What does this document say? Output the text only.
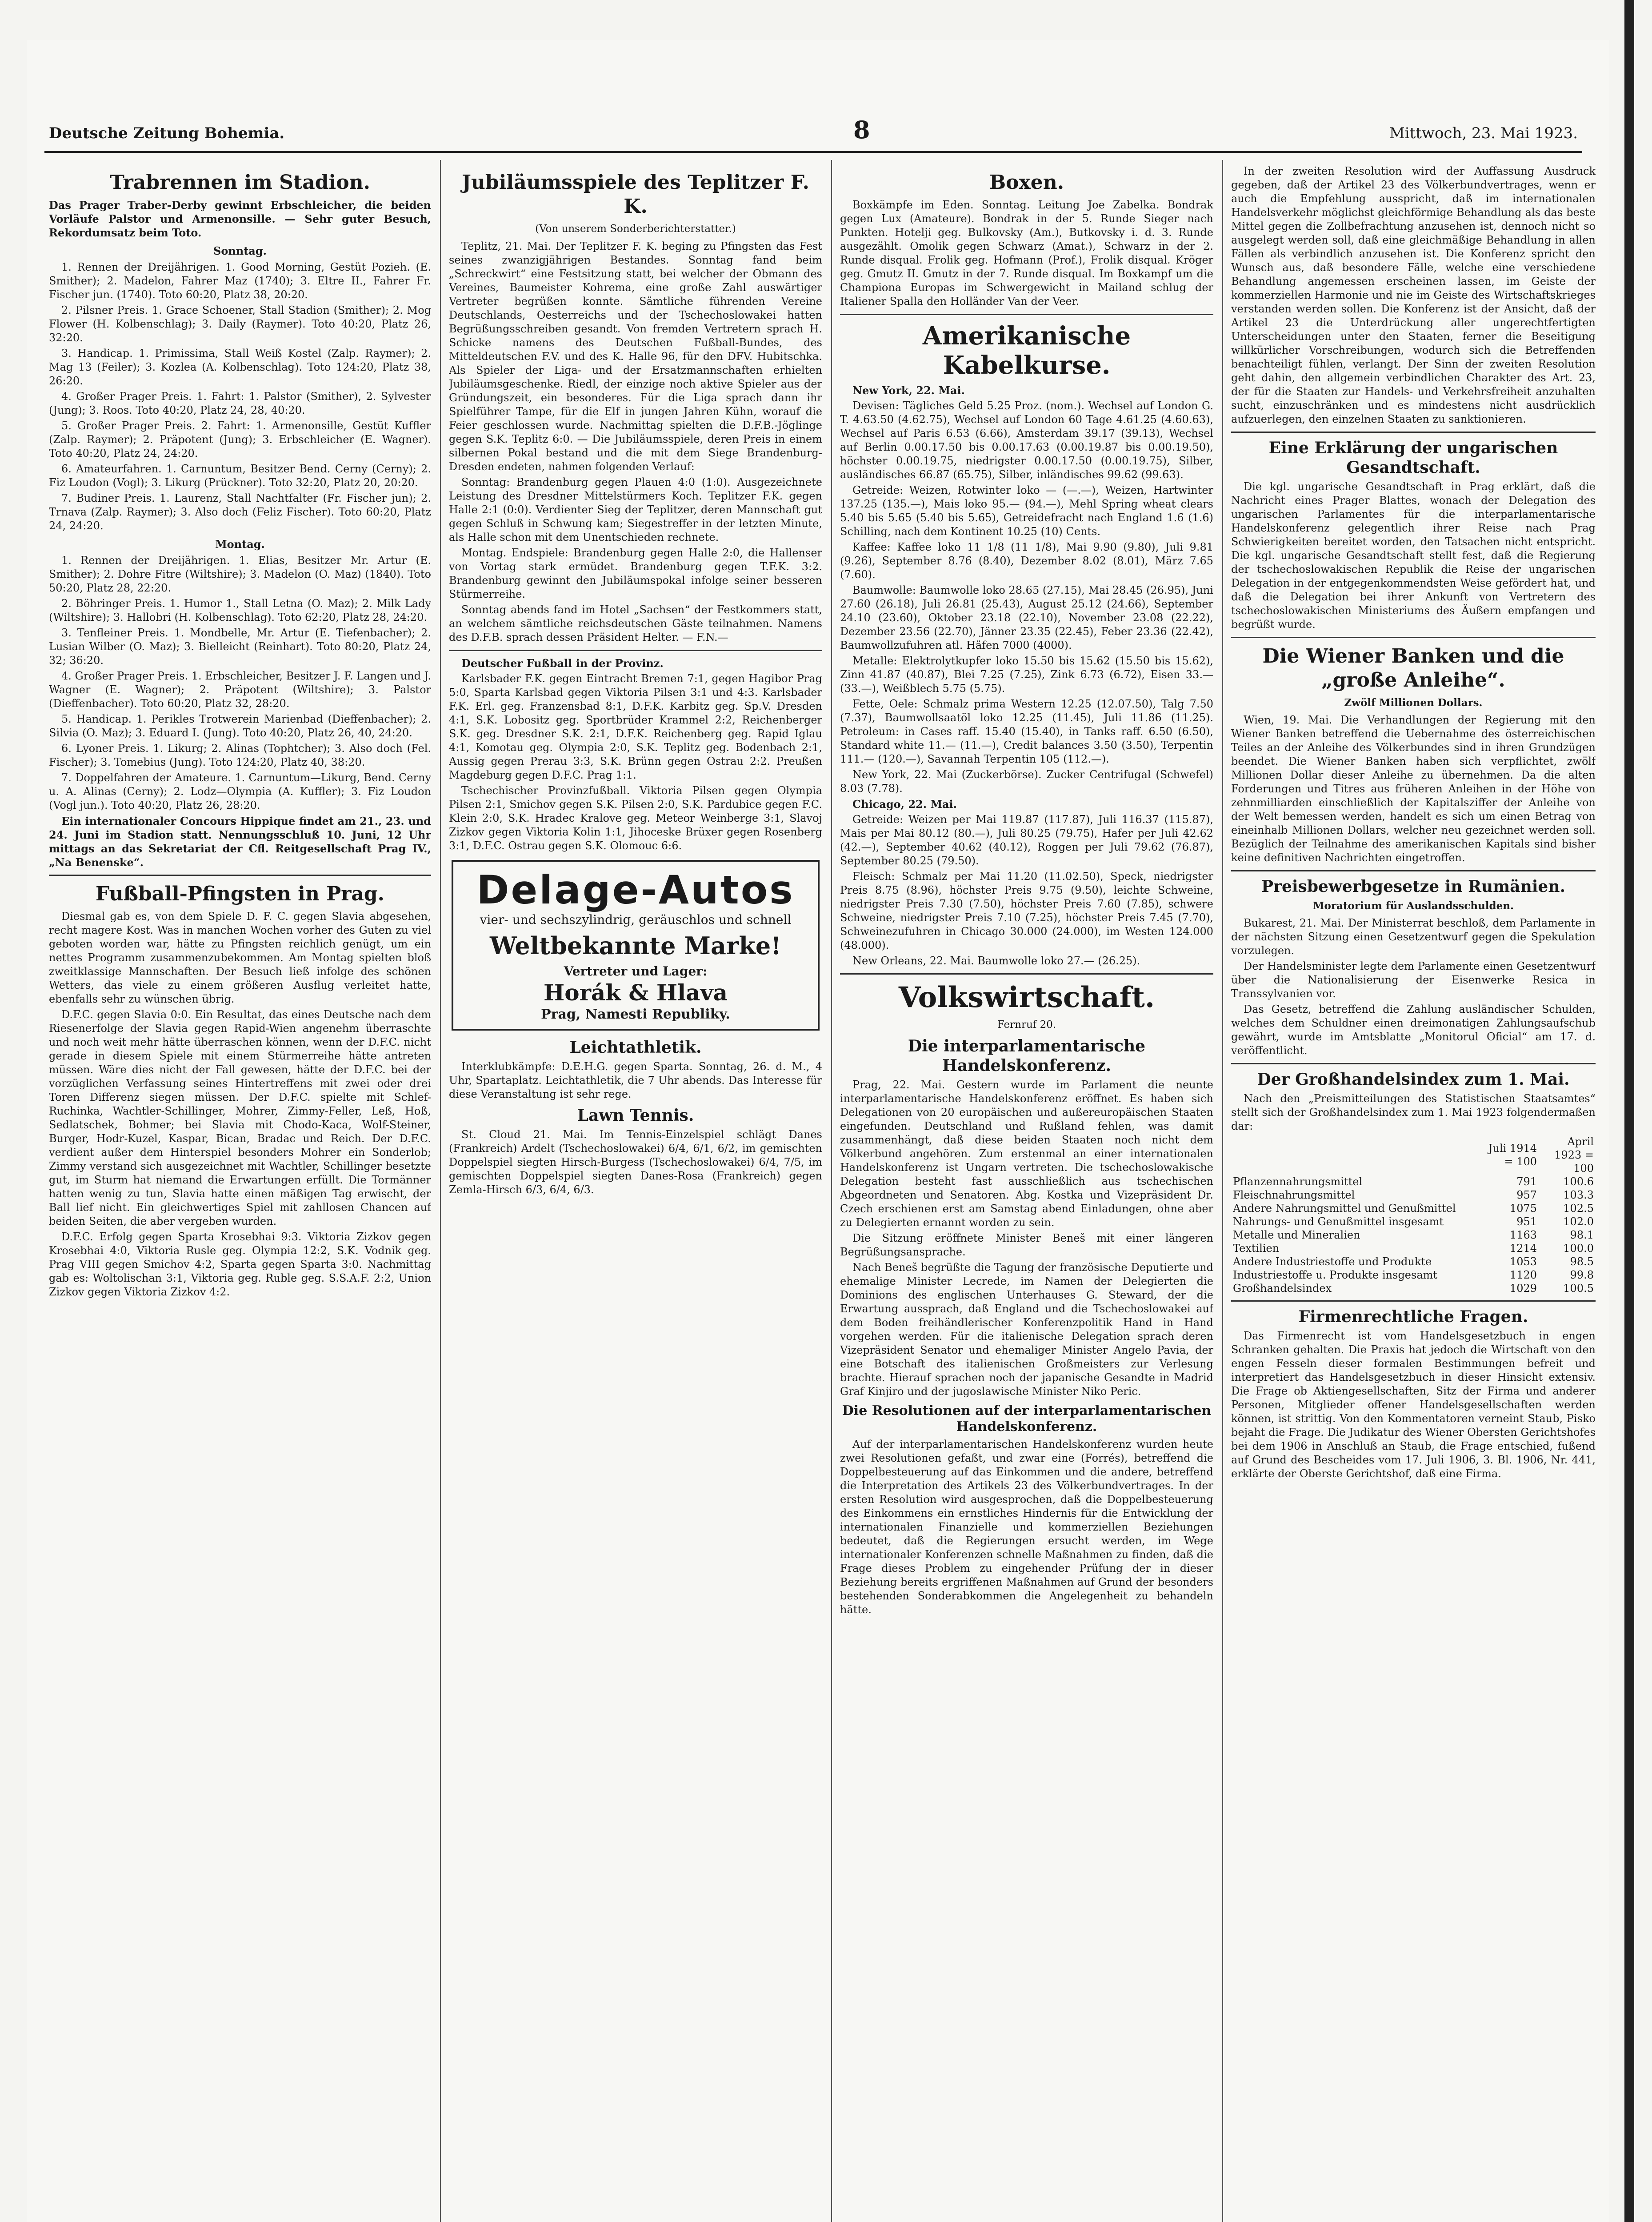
Deutsche Zeitung Bohemia.	8	Mittwoch, 23. Mai 1923.
Trabrennen im Stadion.
Das Prager Traber-Derby gewinnt Erbschleicher, die beiden Vorläufe Palstor und Armenonsille. — Sehr guter Besuch, Rekordumsatz beim Toto.
Sonntag.
1. Rennen der Dreijährigen. 1. Good Morning, Gestüt Pozieh. (E. Smither); 2. Madelon, Fahrer Maz (1740); 3. Eltre II., Fahrer Fr. Fischer jun. (1740). Toto 60:20, Platz 38, 20:20.
2. Pilsner Preis. 1. Grace Schoener, Stall Stadion (Smither); 2. Mog Flower (H. Kolbenschlag); 3. Daily (Raymer). Toto 40:20, Platz 26, 32:20.
3. Handicap. 1. Primissima, Stall Weiß Kostel (Zalp. Raymer); 2. Mag 13 (Feiler); 3. Kozlea (A. Kolbenschlag). Toto 124:20, Platz 38, 26:20.
4. Großer Prager Preis. 1. Fahrt: 1. Palstor (Smither), 2. Sylvester (Jung); 3. Roos. Toto 40:20, Platz 24, 28, 40:20.
5. Großer Prager Preis. 2. Fahrt: 1. Armenonsille, Gestüt Kuffler (Zalp. Raymer); 2. Präpotent (Jung); 3. Erbschleicher (E. Wagner). Toto 40:20, Platz 24, 24:20.
6. Amateurfahren. 1. Carnuntum, Besitzer Bend. Cerny (Cerny); 2. Fiz Loudon (Vogl); 3. Likurg (Prückner). Toto 32:20, Platz 20, 20:20.
7. Budiner Preis. 1. Laurenz, Stall Nachtfalter (Fr. Fischer jun); 2. Trnava (Zalp. Raymer); 3. Also doch (Feliz Fischer). Toto 60:20, Platz 24, 24:20.
Montag.
1. Rennen der Dreijährigen. 1. Elias, Besitzer Mr. Artur (E. Smither); 2. Dohre Fitre (Wiltshire); 3. Madelon (O. Maz) (1840). Toto 50:20, Platz 28, 22:20.
2. Böhringer Preis. 1. Humor 1., Stall Letna (O. Maz); 2. Milk Lady (Wiltshire); 3. Hallobri (H. Kolbenschlag). Toto 62:20, Platz 28, 24:20.
3. Tenfleiner Preis. 1. Mondbelle, Mr. Artur (E. Tiefenbacher); 2. Lusian Wilber (O. Maz); 3. Bielleicht (Reinhart). Toto 80:20, Platz 24, 32; 36:20.
4. Großer Prager Preis. 1. Erbschleicher, Besitzer J. F. Langen und J. Wagner (E. Wagner); 2. Präpotent (Wiltshire); 3. Palstor (Dieffenbacher). Toto 60:20, Platz 32, 28:20.
5. Handicap. 1. Perikles Trotwerein Marienbad (Dieffenbacher); 2. Silvia (O. Maz); 3. Eduard I. (Jung). Toto 40:20, Platz 26, 40, 24:20.
6. Lyoner Preis. 1. Likurg; 2. Alinas (Tophtcher); 3. Also doch (Fel. Fischer); 3. Tomebius (Jung). Toto 124:20, Platz 40, 38:20.
7. Doppelfahren der Amateure. 1. Carnuntum—Likurg, Bend. Cerny u. A. Alinas (Cerny); 2. Lodz—Olympia (A. Kuffler); 3. Fiz Loudon (Vogl jun.). Toto 40:20, Platz 26, 28:20.
Ein internationaler Concours Hippique findet am 21., 23. und 24. Juni im Stadion statt. Nennungsschluß 10. Juni, 12 Uhr mittags an das Sekretariat der Cfl. Reitgesellschaft Prag IV., „Na Benenske“.
Fußball-Pfingsten in Prag.
Diesmal gab es, von dem Spiele D. F. C. gegen Slavia abgesehen, recht magere Kost. Was in manchen Wochen vorher des Guten zu viel geboten worden war, hätte zu Pfingsten reichlich genügt, um ein nettes Programm zusammenzubekommen. Am Montag spielten bloß zweitklassige Mannschaften. Der Besuch ließ infolge des schönen Wetters, das viele zu einem größeren Ausflug verleitet hatte, ebenfalls sehr zu wünschen übrig.
D.F.C. gegen Slavia 0:0. Ein Resultat, das eines Deutsche nach dem Riesenerfolge der Slavia gegen Rapid-Wien angenehm überraschte und noch weit mehr hätte überraschen können, wenn der D.F.C. nicht gerade in diesem Spiele mit einem Stürmerreihe hätte antreten müssen. Wäre dies nicht der Fall gewesen, hätte der D.F.C. bei der vorzüglichen Verfassung seines Hintertreffens mit zwei oder drei Toren Differenz siegen müssen. Der D.F.C. spielte mit Schlef-Ruchinka, Wachtler-Schillinger, Mohrer, Zimmy-Feller, Leß, Hoß, Sedlatschek, Bohmer; bei Slavia mit Chodo-Kaca, Wolf-Steiner, Burger, Hodr-Kuzel, Kaspar, Bican, Bradac und Reich. Der D.F.C. verdient außer dem Hinterspiel besonders Mohrer ein Sonderlob; Zimmy verstand sich ausgezeichnet mit Wachtler, Schillinger besetzte gut, im Sturm hat niemand die Erwartungen erfüllt. Die Tormänner hatten wenig zu tun, Slavia hatte einen mäßigen Tag erwischt, der Ball lief nicht. Ein gleichwertiges Spiel mit zahllosen Chancen auf beiden Seiten, die aber vergeben wurden.
D.F.C. Erfolg gegen Sparta Krosebhai 9:3. Viktoria Zizkov gegen Krosebhai 4:0, Viktoria Rusle geg. Olympia 12:2, S.K. Vodnik geg. Prag VIII gegen Smichov 4:2, Sparta gegen Sparta 3:0. Nachmittag gab es: Woltolischan 3:1, Viktoria geg. Ruble geg. S.S.A.F. 2:2, Union Zizkov gegen Viktoria Zizkov 4:2.
Jubiläumsspiele des Teplitzer F. K.
(Von unserem Sonderberichterstatter.)
Teplitz, 21. Mai. Der Teplitzer F. K. beging zu Pfingsten das Fest seines zwanzigjährigen Bestandes. Sonntag fand beim „Schreckwirt“ eine Festsitzung statt, bei welcher der Obmann des Vereines, Baumeister Kohrema, eine große Zahl auswärtiger Vertreter begrüßen konnte. Sämtliche führenden Vereine Deutschlands, Oesterreichs und der Tschechoslowakei hatten Begrüßungsschreiben gesandt. Von fremden Vertretern sprach H. Schicke namens des Deutschen Fußball-Bundes, des Mitteldeutschen F.V. und des K. Halle 96, für den DFV. Hubitschka. Als Spieler der Liga- und der Ersatzmannschaften erhielten Jubiläumsgeschenke. Riedl, der einzige noch aktive Spieler aus der Gründungszeit, ein besonderes. Für die Liga sprach dann ihr Spielführer Tampe, für die Elf in jungen Jahren Kühn, worauf die Feier geschlossen wurde. Nachmittag spielten die D.F.B.-Jöglinge gegen S.K. Teplitz 6:0. — Die Jubiläumsspiele, deren Preis in einem silbernen Pokal bestand und die mit dem Siege Brandenburg-Dresden endeten, nahmen folgenden Verlauf:
Sonntag: Brandenburg gegen Plauen 4:0 (1:0). Ausgezeichnete Leistung des Dresdner Mittelstürmers Koch. Teplitzer F.K. gegen Halle 2:1 (0:0). Verdienter Sieg der Teplitzer, deren Mannschaft gut gegen Schluß in Schwung kam; Siegestreffer in der letzten Minute, als Halle schon mit dem Unentschieden rechnete.
Montag. Endspiele: Brandenburg gegen Halle 2:0, die Hallenser von Vortag stark ermüdet. Brandenburg gegen T.F.K. 3:2. Brandenburg gewinnt den Jubiläumspokal infolge seiner besseren Stürmerreihe.
Sonntag abends fand im Hotel „Sachsen“ der Festkommers statt, an welchem sämtliche reichsdeutschen Gäste teilnahmen. Namens des D.F.B. sprach dessen Präsident Helter. — F.N.—
Deutscher Fußball in der Provinz.
Karlsbader F.K. gegen Eintracht Bremen 7:1, gegen Hagibor Prag 5:0, Sparta Karlsbad gegen Viktoria Pilsen 3:1 und 4:3. Karlsbader F.K. Erl. geg. Franzensbad 8:1, D.F.K. Karbitz geg. Sp.V. Dresden 4:1, S.K. Lobositz geg. Sportbrüder Krammel 2:2, Reichenberger S.K. geg. Dresdner S.K. 2:1, D.F.K. Reichenberg geg. Rapid Iglau 4:1, Komotau geg. Olympia 2:0, S.K. Teplitz geg. Bodenbach 2:1, Aussig gegen Prerau 3:3, S.K. Brünn gegen Ostrau 2:2. Preußen Magdeburg gegen D.F.C. Prag 1:1.
Tschechischer Provinzfußball. Viktoria Pilsen gegen Olympia Pilsen 2:1, Smichov gegen S.K. Pilsen 2:0, S.K. Pardubice gegen F.C. Klein 2:0, S.K. Hradec Kralove geg. Meteor Weinberge 3:1, Slavoj Zizkov gegen Viktoria Kolin 1:1, Jihoceske Brüxer gegen Rosenberg 3:1, D.F.C. Ostrau gegen S.K. Olomouc 6:6.
Delage-Autos
vier- und sechszylindrig, geräuschlos und schnell
Weltbekannte Marke!
Vertreter und Lager:
Horák & Hlava
Prag, Namesti Republiky.
Leichtathletik.
Interklubkämpfe: D.E.H.G. gegen Sparta. Sonntag, 26. d. M., 4 Uhr, Spartaplatz. Leichtathletik, die 7 Uhr abends. Das Interesse für diese Veranstaltung ist sehr rege.
Lawn Tennis.
St. Cloud 21. Mai. Im Tennis-Einzelspiel schlägt Danes (Frankreich) Ardelt (Tschechoslowakei) 6/4, 6/1, 6/2, im gemischten Doppelspiel siegten Hirsch-Burgess (Tschechoslowakei) 6/4, 7/5, im gemischten Doppelspiel siegten Danes-Rosa (Frankreich) gegen Zemla-Hirsch 6/3, 6/4, 6/3.
Boxen.
Boxkämpfe im Eden. Sonntag. Leitung Joe Zabelka. Bondrak gegen Lux (Amateure). Bondrak in der 5. Runde Sieger nach Punkten. Hotelji geg. Bulkovsky (Am.), Butkovsky i. d. 3. Runde ausgezählt. Omolik gegen Schwarz (Amat.), Schwarz in der 2. Runde disqual. Frolik geg. Hofmann (Prof.), Frolik disqual. Kröger geg. Gmutz II. Gmutz in der 7. Runde disqual. Im Boxkampf um die Championa Europas im Schwergewicht in Mailand schlug der Italiener Spalla den Holländer Van der Veer.
Amerikanische Kabelkurse.
New York, 22. Mai.
Devisen: Tägliches Geld 5.25 Proz. (nom.). Wechsel auf London G. T. 4.63.50 (4.62.75), Wechsel auf London 60 Tage 4.61.25 (4.60.63), Wechsel auf Paris 6.53 (6.66), Amsterdam 39.17 (39.13), Wechsel auf Berlin 0.00.17.50 bis 0.00.17.63 (0.00.19.87 bis 0.00.19.50), höchster 0.00.19.75, niedrigster 0.00.17.50 (0.00.19.75), Silber, ausländisches 66.87 (65.75), Silber, inländisches 99.62 (99.63).
Getreide: Weizen, Rotwinter loko — (—.—), Weizen, Hartwinter 137.25 (135.—), Mais loko 95.— (94.—), Mehl Spring wheat clears 5.40 bis 5.65 (5.40 bis 5.65), Getreidefracht nach England 1.6 (1.6) Schilling, nach dem Kontinent 10.25 (10) Cents.
Kaffee: Kaffee loko 11 1/8 (11 1/8), Mai 9.90 (9.80), Juli 9.81 (9.26), September 8.76 (8.40), Dezember 8.02 (8.01), März 7.65 (7.60).
Baumwolle: Baumwolle loko 28.65 (27.15), Mai 28.45 (26.95), Juni 27.60 (26.18), Juli 26.81 (25.43), August 25.12 (24.66), September 24.10 (23.60), Oktober 23.18 (22.10), November 23.08 (22.22), Dezember 23.56 (22.70), Jänner 23.35 (22.45), Feber 23.36 (22.42), Baumwollzufuhren atl. Häfen 7000 (4000).
Metalle: Elektrolytkupfer loko 15.50 bis 15.62 (15.50 bis 15.62), Zinn 41.87 (40.87), Blei 7.25 (7.25), Zink 6.73 (6.72), Eisen 33.— (33.—), Weißblech 5.75 (5.75).
Fette, Oele: Schmalz prima Western 12.25 (12.07.50), Talg 7.50 (7.37), Baumwollsaatöl loko 12.25 (11.45), Juli 11.86 (11.25). Petroleum: in Cases raff. 15.40 (15.40), in Tanks raff. 6.50 (6.50), Standard white 11.— (11.—), Credit balances 3.50 (3.50), Terpentin 111.— (120.—), Savannah Terpentin 105 (112.—).
New York, 22. Mai (Zuckerbörse). Zucker Centrifugal (Schwefel) 8.03 (7.78).
Chicago, 22. Mai.
Getreide: Weizen per Mai 119.87 (117.87), Juli 116.37 (115.87), Mais per Mai 80.12 (80.—), Juli 80.25 (79.75), Hafer per Juli 42.62 (42.—), September 40.62 (40.12), Roggen per Juli 79.62 (76.87), September 80.25 (79.50).
Fleisch: Schmalz per Mai 11.20 (11.02.50), Speck, niedrigster Preis 8.75 (8.96), höchster Preis 9.75 (9.50), leichte Schweine, niedrigster Preis 7.30 (7.50), höchster Preis 7.60 (7.85), schwere Schweine, niedrigster Preis 7.10 (7.25), höchster Preis 7.45 (7.70), Schweinezufuhren in Chicago 30.000 (24.000), im Westen 124.000 (48.000).
New Orleans, 22. Mai. Baumwolle loko 27.— (26.25).
Volkswirtschaft.
Fernruf 20.
Die interparlamentarische Handelskonferenz.
Prag, 22. Mai. Gestern wurde im Parlament die neunte interparlamentarische Handelskonferenz eröffnet. Es haben sich Delegationen von 20 europäischen und außereuropäischen Staaten eingefunden. Deutschland und Rußland fehlen, was damit zusammenhängt, daß diese beiden Staaten noch nicht dem Völkerbund angehören. Zum erstenmal an einer internationalen Handelskonferenz ist Ungarn vertreten. Die tschechoslowakische Delegation besteht fast ausschließlich aus tschechischen Abgeordneten und Senatoren. Abg. Kostka und Vizepräsident Dr. Czech erschienen erst am Samstag abend Einladungen, ohne aber zu Delegierten ernannt worden zu sein.
Die Sitzung eröffnete Minister Beneš mit einer längeren Begrüßungsansprache.
Nach Beneš begrüßte die Tagung der französische Deputierte und ehemalige Minister Lecrede, im Namen der Delegierten die Dominions des englischen Unterhauses G. Steward, der die Erwartung aussprach, daß England und die Tschechoslowakei auf dem Boden freihändlerischer Konferenzpolitik Hand in Hand vorgehen werden. Für die italienische Delegation sprach deren Vizepräsident Senator und ehemaliger Minister Angelo Pavia, der eine Botschaft des italienischen Großmeisters zur Verlesung brachte. Hierauf sprachen noch der japanische Gesandte in Madrid Graf Kinjiro und der jugoslawische Minister Niko Peric.
Die Resolutionen auf der interparlamentarischen Handelskonferenz.
Auf der interparlamentarischen Handelskonferenz wurden heute zwei Resolutionen gefaßt, und zwar eine (Forrés), betreffend die Doppelbesteuerung auf das Einkommen und die andere, betreffend die Interpretation des Artikels 23 des Völkerbundvertrages. In der ersten Resolution wird ausgesprochen, daß die Doppelbesteuerung des Einkommens ein ernstliches Hindernis für die Entwicklung der internationalen Finanzielle und kommerziellen Beziehungen bedeutet, daß die Regierungen ersucht werden, im Wege internationaler Konferenzen schnelle Maßnahmen zu finden, daß die Frage dieses Problem zu eingehender Prüfung der in dieser Beziehung bereits ergriffenen Maßnahmen auf Grund der besonders bestehenden Sonderabkommen die Angelegenheit zu behandeln hätte.
In der zweiten Resolution wird der Auffassung Ausdruck gegeben, daß der Artikel 23 des Völkerbundvertrages, wenn er auch die Empfehlung ausspricht, daß im internationalen Handelsverkehr möglichst gleichförmige Behandlung als das beste Mittel gegen die Zollbefrachtung anzusehen ist, dennoch nicht so ausgelegt werden soll, daß eine gleichmäßige Behandlung in allen Fällen als verbindlich anzusehen ist. Die Konferenz spricht den Wunsch aus, daß besondere Fälle, welche eine verschiedene Behandlung angemessen erscheinen lassen, im Geiste der kommerziellen Harmonie und nie im Geiste des Wirtschaftskrieges verstanden werden sollen. Die Konferenz ist der Ansicht, daß der Artikel 23 die Unterdrückung aller ungerechtfertigten Unterscheidungen unter den Staaten, ferner die Beseitigung willkürlicher Vorschreibungen, wodurch sich die Betreffenden benachteiligt fühlen, verlangt. Der Sinn der zweiten Resolution geht dahin, den allgemein verbindlichen Charakter des Art. 23, der für die Staaten zur Handels- und Verkehrsfreiheit anzuhalten sucht, einzuschränken und es mindestens nicht ausdrücklich aufzuerlegen, den einzelnen Staaten zu sanktionieren.
Eine Erklärung der ungarischen Gesandtschaft.
Die kgl. ungarische Gesandtschaft in Prag erklärt, daß die Nachricht eines Prager Blattes, wonach der Delegation des ungarischen Parlamentes für die interparlamentarische Handelskonferenz gelegentlich ihrer Reise nach Prag Schwierigkeiten bereitet worden, den Tatsachen nicht entspricht. Die kgl. ungarische Gesandtschaft stellt fest, daß die Regierung der tschechoslowakischen Republik die Reise der ungarischen Delegation in der entgegenkommendsten Weise gefördert hat, und daß die Delegation bei ihrer Ankunft von Vertretern des tschechoslowakischen Ministeriums des Äußern empfangen und begrüßt wurde.
Die Wiener Banken und die „große Anleihe“.
Zwölf Millionen Dollars.
Wien, 19. Mai. Die Verhandlungen der Regierung mit den Wiener Banken betreffend die Uebernahme des österreichischen Teiles an der Anleihe des Völkerbundes sind in ihren Grundzügen beendet. Die Wiener Banken haben sich verpflichtet, zwölf Millionen Dollar dieser Anleihe zu übernehmen. Da die alten Forderungen und Titres aus früheren Anleihen in der Höhe von zehnmilliarden einschließlich der Kapitalsziffer der Anleihe von der Welt bemessen werden, handelt es sich um einen Betrag von eineinhalb Millionen Dollars, welcher neu gezeichnet werden soll. Bezüglich der Teilnahme des amerikanischen Kapitals sind bisher keine definitiven Nachrichten eingetroffen.
Preisbewerbgesetze in Rumänien.
Moratorium für Auslandsschulden.
Bukarest, 21. Mai. Der Ministerrat beschloß, dem Parlamente in der nächsten Sitzung einen Gesetzentwurf gegen die Spekulation vorzulegen.
Der Handelsminister legte dem Parlamente einen Gesetzentwurf über die Nationalisierung der Eisenwerke Resica in Transsylvanien vor.
Das Gesetz, betreffend die Zahlung ausländischer Schulden, welches dem Schuldner einen dreimonatigen Zahlungsaufschub gewährt, wurde im Amtsblatte „Monitorul Oficial“ am 17. d. veröffentlicht.
Der Großhandelsindex zum 1. Mai.
Nach den „Preismitteilungen des Statistischen Staatsamtes“ stellt sich der Großhandelsindex zum 1. Mai 1923 folgendermaßen dar:
	Juli 1914 = 100	April 1923 = 100
Pflanzennahrungsmittel	791	100.6
Fleischnahrungsmittel	957	103.3
Andere Nahrungsmittel und Genußmittel	1075	102.5
Nahrungs- und Genußmittel insgesamt	951	102.0
Metalle und Mineralien	1163	98.1
Textilien	1214	100.0
Andere Industriestoffe und Produkte	1053	98.5
Industriestoffe u. Produkte insgesamt	1120	99.8
Großhandelsindex	1029	100.5
Firmenrechtliche Fragen.
Das Firmenrecht ist vom Handelsgesetzbuch in engen Schranken gehalten. Die Praxis hat jedoch die Wirtschaft von den engen Fesseln dieser formalen Bestimmungen befreit und interpretiert das Handelsgesetzbuch in dieser Hinsicht extensiv. Die Frage ob Aktiengesellschaften, Sitz der Firma und anderer Personen, Mitglieder offener Handelsgesellschaften werden können, ist strittig. Von den Kommentatoren verneint Staub, Pisko bejaht die Frage. Die Judikatur des Wiener Obersten Gerichtshofes bei dem 1906 in Anschluß an Staub, die Frage entschied, fußend auf Grund des Bescheides vom 17. Juli 1906, 3. Bl. 1906, Nr. 441, erklärte der Oberste Gerichtshof, daß eine Firma.
